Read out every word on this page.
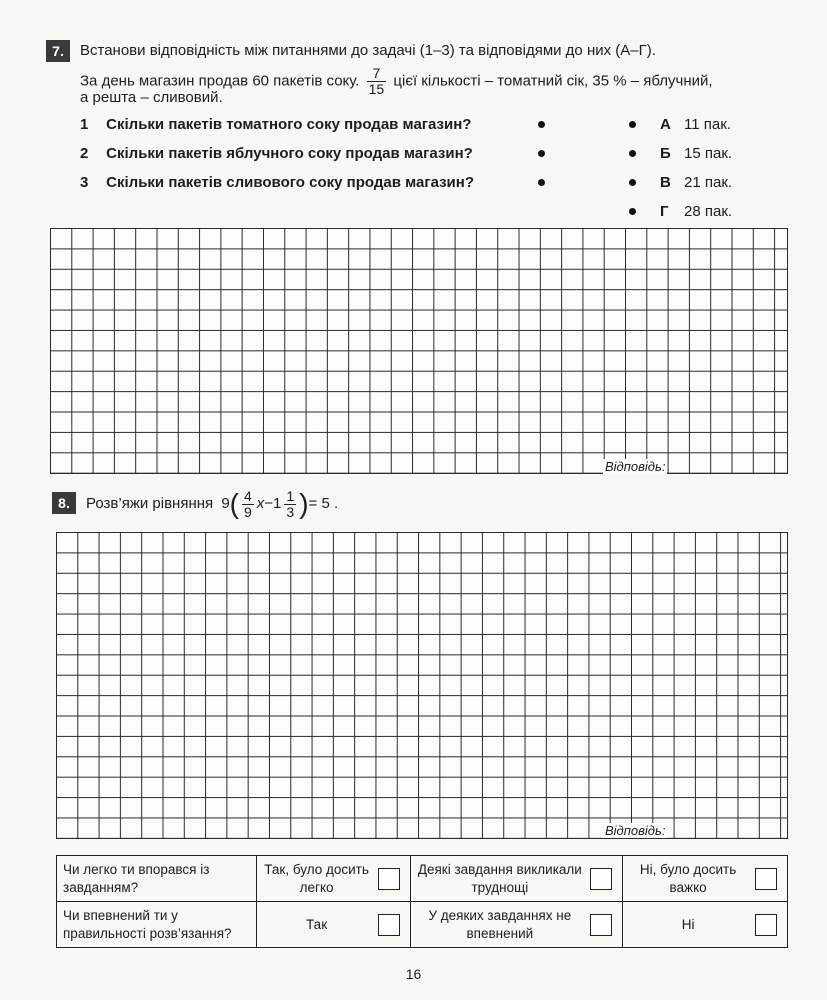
7.	Встанови відповідність між питаннями до задачі (1–3) та відповідями до них (А–Г).
За день магазин продав 60 пакетів соку. $\frac{7}{15}$ цієї кількості – томатний сік, 35 % – яблучний,
а решта – сливовий.
1 Скільки пакетів томатного соку продав магазин?
2 Скільки пакетів яблучного соку продав магазин?
3 Скільки пакетів сливового соку продав магазин?
А 11 пак.
Б 15 пак.
В 21 пак.
Г 28 пак.
Відповідь:
8.	Розв’яжи рівняння $9( \frac{4}{9} x-1 \frac{1}{3}$ )= 5 .
Відповідь:
Чи легко ти впорався із завданням?	Так, було досить легко	Деякі завдання викликали труднощі	Ні, було досить важко

Чи впевнений ти у правильності розв’язання?	Так	У деяких завданнях не впевнений	Ні
16
